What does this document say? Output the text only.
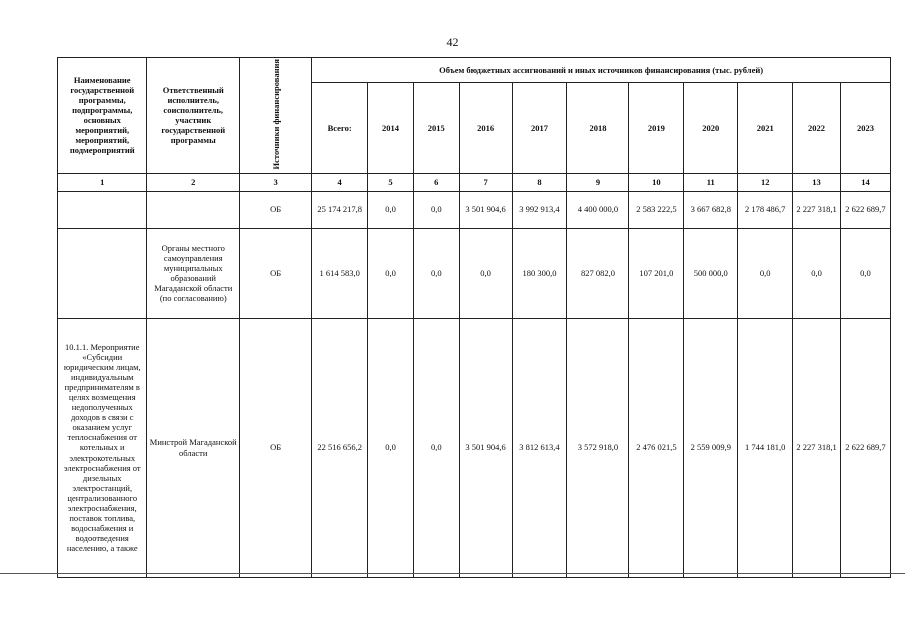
42
Наименование государственной программы, подпрограммы, основных мероприятий, мероприятий, подмероприятий	Ответственный исполнитель, соисполнитель, участник государственной программы	Источники финансирования	Объем бюджетных ассигнований и иных источников финансирования (тыс. рублей)										
			Всего:	2014	2015	2016	2017	2018	2019	2020	2021	2022	2023
1	2	3	4	5	6	7	8	9	10	11	12	13	14
		ОБ	25 174 217,8	0,0	0,0	3 501 904,6	3 992 913,4	4 400 000,0	2 583 222,5	3 667 682,8	2 178 486,7	2 227 318,1	2 622 689,7
	Органы местного самоуправления муниципальных образований Магаданской области (по согласованию)	ОБ	1 614 583,0	0,0	0,0	0,0	180 300,0	827 082,0	107 201,0	500 000,0	0,0	0,0	0,0
10.1.1. Мероприятие «Субсидии юридическим лицам, индивидуальным предпринимателям в целях возмещения недополученных доходов в связи с оказанием услуг теплоснабжения от котельных и электрокотельных электроснабжения от дизельных электростанций, централизованного электроснабжения, поставок топлива, водоснабжения и водоотведения населению, а также	Минстрой Магаданской области	ОБ	22 516 656,2	0,0	0,0	3 501 904,6	3 812 613,4	3 572 918,0	2 476 021,5	2 559 009,9	1 744 181,0	2 227 318,1	2 622 689,7
